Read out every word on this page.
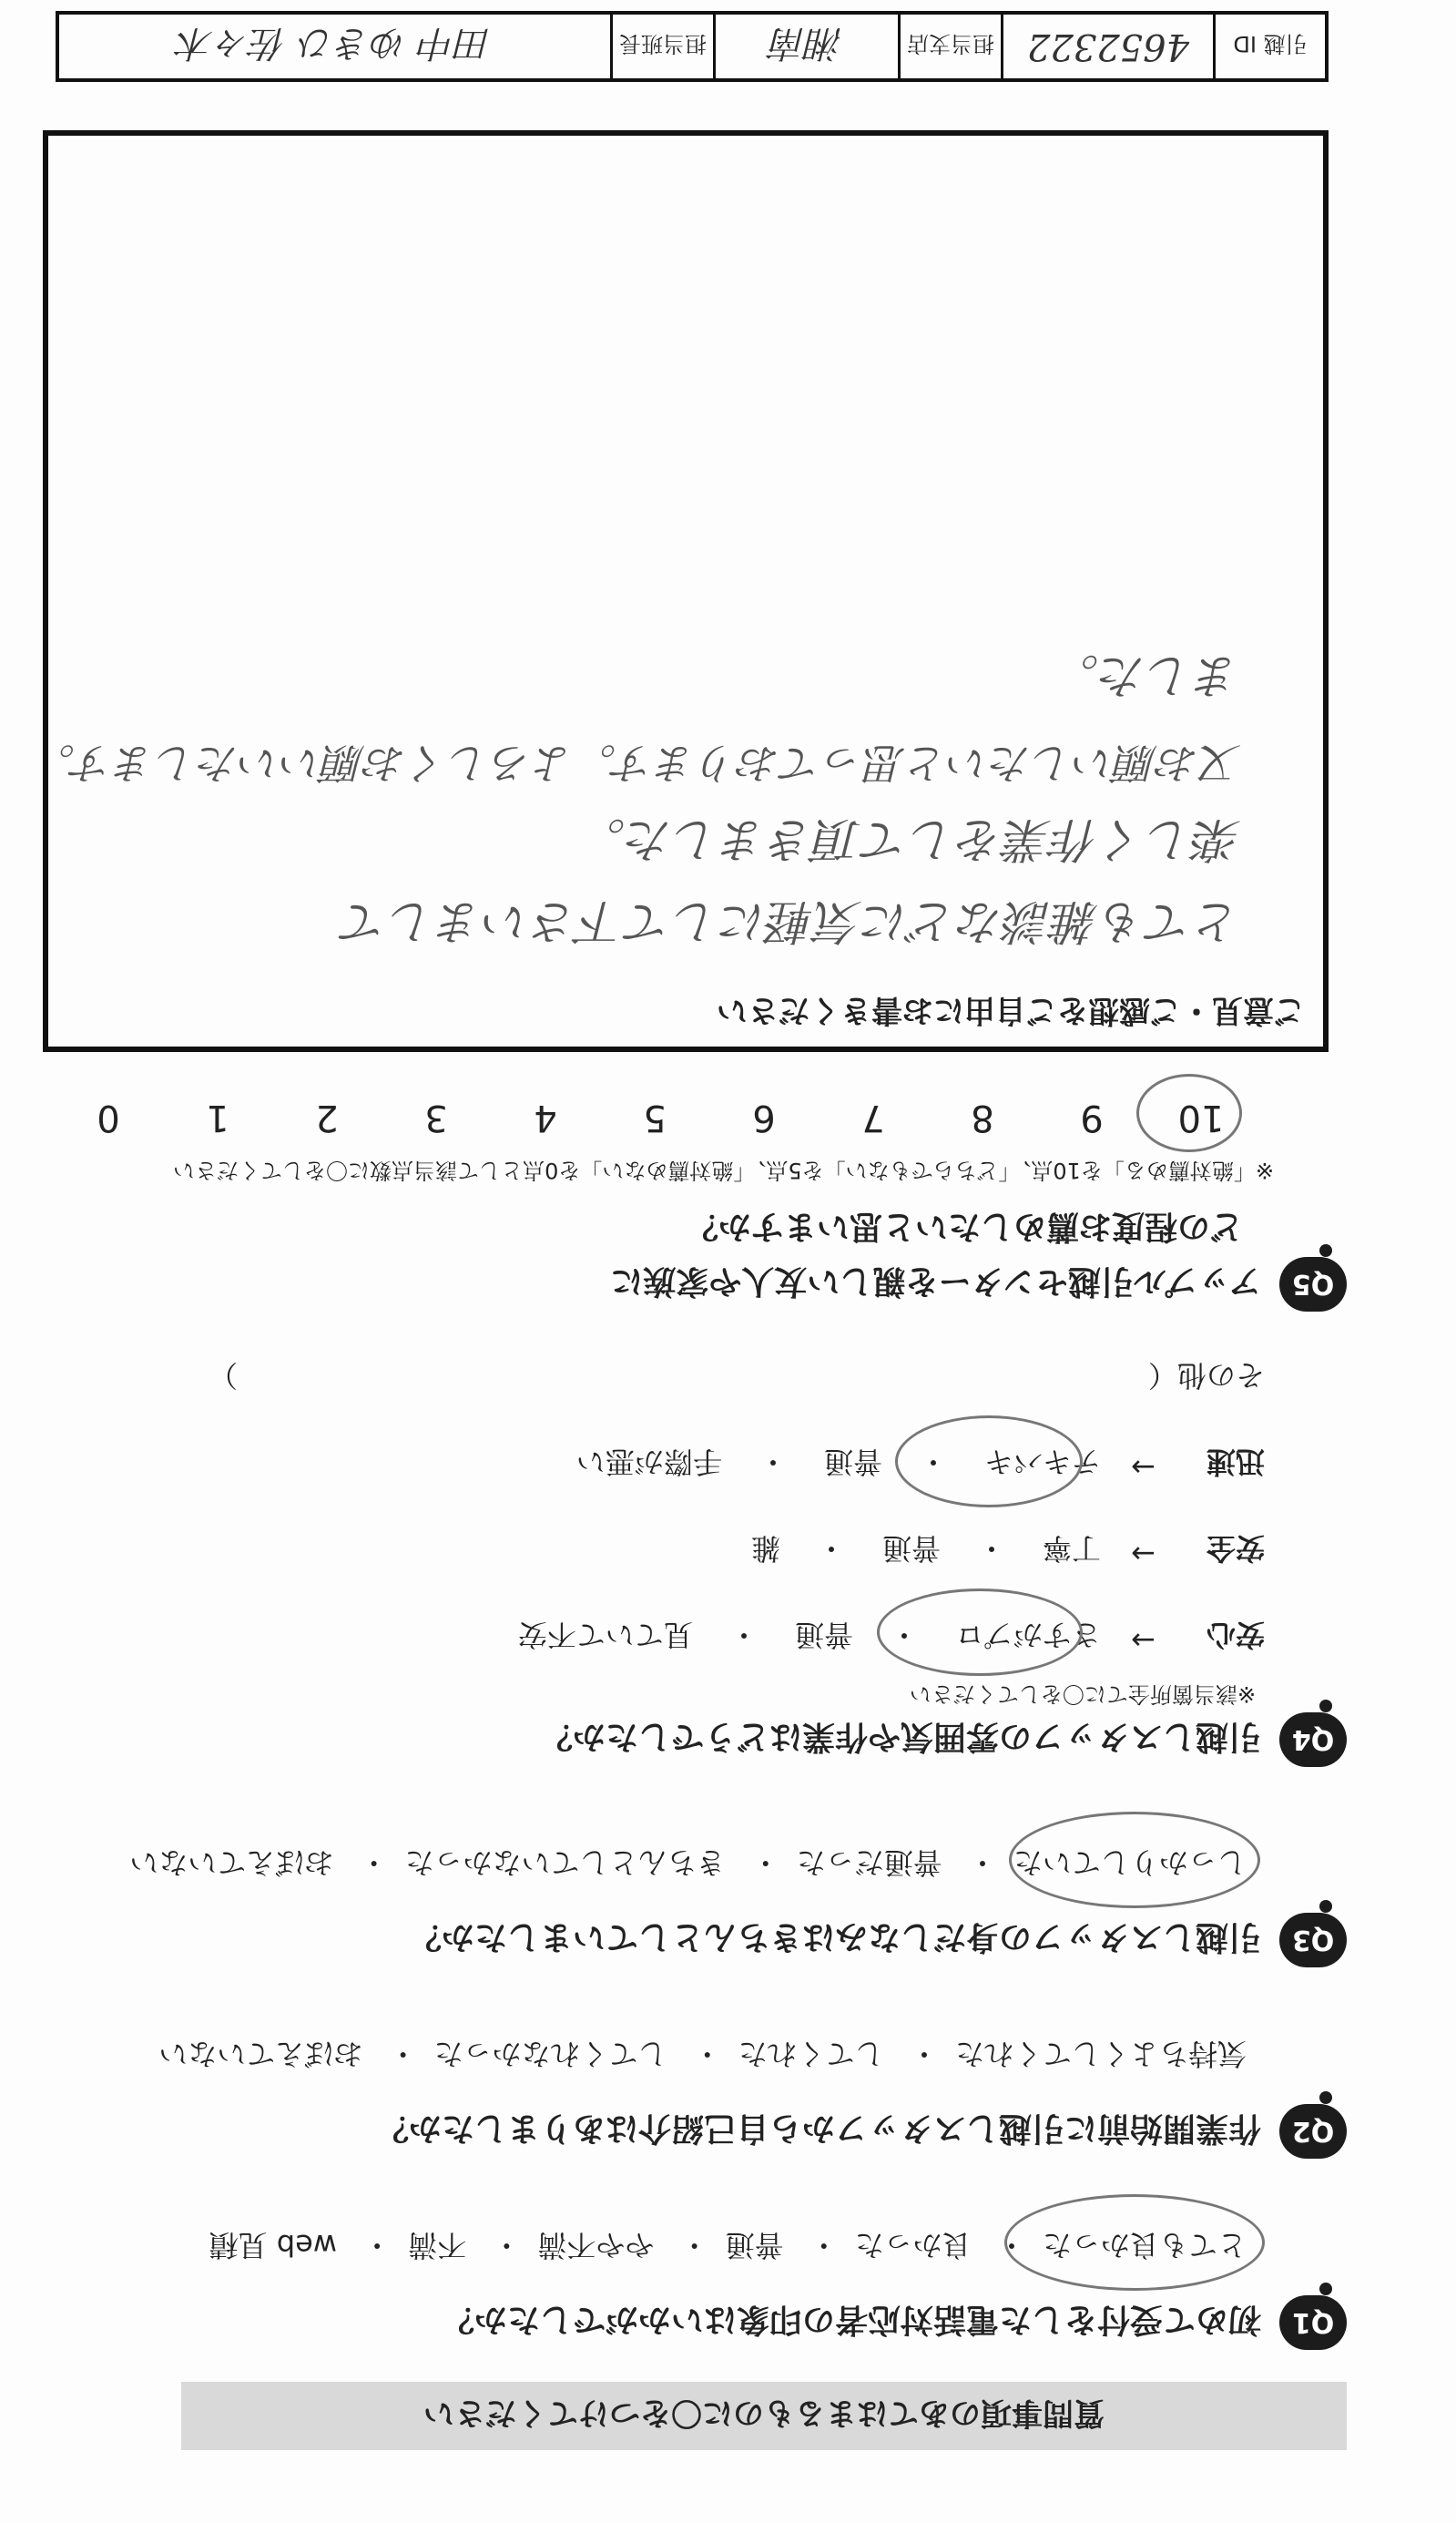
質問事項のあてはまるものに〇をつけてください
Q1
初めて受付をした電話対応者の印象はいかがでしたか？
とても良かった・ 良かった・ 普通・ やや不満・ 不満・ web 見積
Q2
作業開始前に引越しスタッフから自己紹介はありましたか？
気持ちよくしてくれた・ してくれた・ してくれなかった・ おぼえていない
Q3
引越しスタッフの身だしなみはきちんとしていましたか？
しっかりしていた・ 普通だった・ きちんとしていなかった・ おぼえていない
Q4
引越しスタッフの雰囲気や作業はどうでしたか？
※該当箇所全てに〇をしてください
安心
→
さすがプロ
・
普通
・
見ていて不安
安全
→
丁寧
・
普通
・
雑
迅速
→
テキパキ
・
普通
・
手際が悪い
その他（
）
Q5
アップル引越センターを親しい友人や家族に
どの程度お薦めしたいと思いますか？
※「絶対薦める」を10点、「どちらでもない」を5点、「絶対薦めない」を0点として該当点数に〇をしてください
10
9
8
7
6
5
4
3
2
1
0
ご意見・ご感想をご自由にお書きください
とても雑談などに気軽にして下さいまして
楽しく作業をして頂きました。
又お願いしたいと思っております。よろしくお願いいたします。
ました。
引越 ID
4652322
担当支店
湘南
担当班長
田中 ゆきひ 佐々木
